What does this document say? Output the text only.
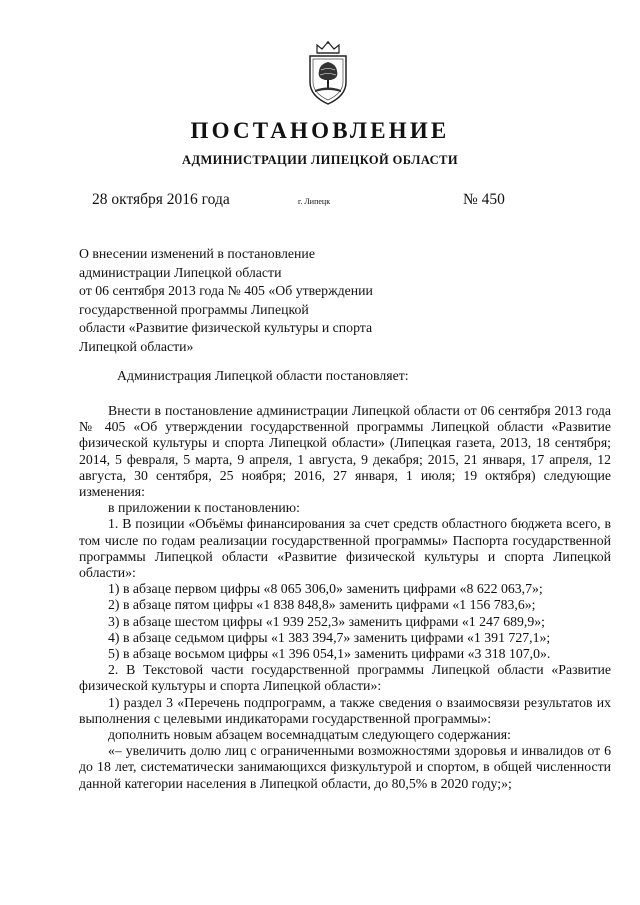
ПОСТАНОВЛЕНИЕ
АДМИНИСТРАЦИИ ЛИПЕЦКОЙ ОБЛАСТИ
28 октября 2016 года	г. Липецк	№ 450
О внесении изменений в постановление
администрации Липецкой области
от 06 сентября 2013 года № 405 «Об утверждении
государственной программы Липецкой
области «Развитие физической культуры и спорта
Липецкой области»
Администрация Липецкой области постановляет:

Внести в постановление администрации Липецкой области от 06 сентября 2013 года № 405 «Об утверждении государственной программы Липецкой области «Развитие физической культуры и спорта Липецкой области» (Липецкая газета, 2013, 18 сентября; 2014, 5 февраля, 5 марта, 9 апреля, 1 августа, 9 декабря; 2015, 21 января, 17 апреля, 12 августа, 30 сентября, 25 ноября; 2016, 27 января, 1 июля; 19 октября) следующие изменения:

в приложении к постановлению:

1. В позиции «Объёмы финансирования за счет средств областного бюджета всего, в том числе по годам реализации государственной программы» Паспорта государственной программы Липецкой области «Развитие физической культуры и спорта Липецкой области»:

1) в абзаце первом цифры «8 065 306,0» заменить цифрами «8 622 063,7»;
2) в абзаце пятом цифры «1 838 848,8» заменить цифрами «1 156 783,6»;
3) в абзаце шестом цифры «1 939 252,3» заменить цифрами «1 247 689,9»;
4) в абзаце седьмом цифры «1 383 394,7» заменить цифрами «1 391 727,1»;
5) в абзаце восьмом цифры «1 396 054,1» заменить цифрами «3 318 107,0».

2. В Текстовой части государственной программы Липецкой области «Развитие физической культуры и спорта Липецкой области»:

1) раздел 3 «Перечень подпрограмм, а также сведения о взаимосвязи результатов их выполнения с целевыми индикаторами государственной программы»:

дополнить новым абзацем восемнадцатым следующего содержания:

«– увеличить долю лиц с ограниченными возможностями здоровья и инвалидов от 6 до 18 лет, систематически занимающихся физкультурой и спортом, в общей численности данной категории населения в Липецкой области, до 80,5% в 2020 году;»;
